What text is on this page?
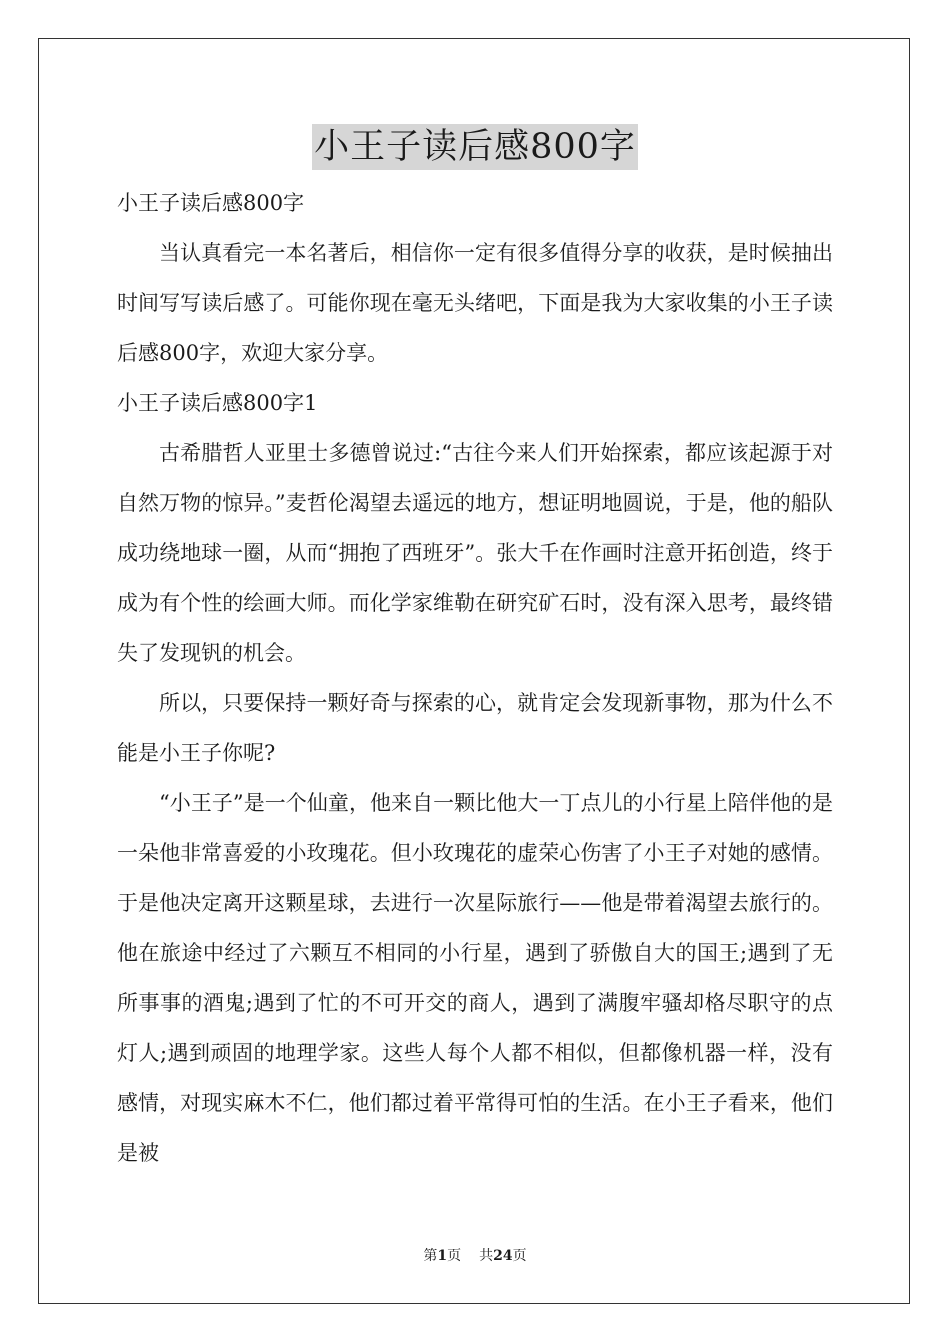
小王子读后感800字

小王子读后感800字

当认真看完一本名著后，相信你一定有很多值得分享的收获，是时候抽出时间写写读后感了。可能你现在毫无头绪吧，下面是我为大家收集的小王子读后感800字，欢迎大家分享。

小王子读后感800字1

古希腊哲人亚里士多德曾说过:“古往今来人们开始探索，都应该起源于对自然万物的惊异。”麦哲伦渴望去遥远的地方，想证明地圆说，于是，他的船队成功绕地球一圈，从而“拥抱了西班牙”。张大千在作画时注意开拓创造，终于成为有个性的绘画大师。而化学家维勒在研究矿石时，没有深入思考，最终错失了发现钒的机会。

所以，只要保持一颗好奇与探索的心，就肯定会发现新事物，那为什么不能是小王子你呢?

“小王子”是一个仙童，他来自一颗比他大一丁点儿的小行星上陪伴他的是一朵他非常喜爱的小玫瑰花。但小玫瑰花的虚荣心伤害了小王子对她的感情。于是他决定离开这颗星球，去进行一次星际旅行——他是带着渴望去旅行的。他在旅途中经过了六颗互不相同的小行星，遇到了骄傲自大的国王;遇到了无所事事的酒鬼;遇到了忙的不可开交的商人，遇到了满腹牢骚却格尽职守的点灯人;遇到顽固的地理学家。这些人每个人都不相似，但都像机器一样，没有感情，对现实麻木不仁，他们都过着平常得可怕的生活。在小王子看来，他们是被

第1页 共24页
